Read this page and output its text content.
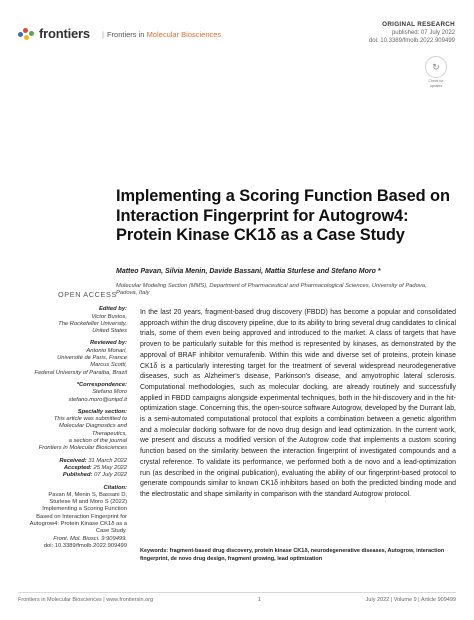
frontiers	| Frontiers in Molecular Biosciences
ORIGINAL RESEARCH
published: 07 July 2022
doi: 10.3389/fmolb.2022.909499
↻
Check for
updates
Implementing a Scoring Function Based on Interaction Fingerprint for Autogrow4: Protein Kinase CK1δ as a Case Study
Matteo Pavan, Silvia Menin, Davide Bassani, Mattia Sturlese and Stefano Moro *
Molecular Modeling Section (MMS), Department of Pharmaceutical and Pharmacological Sciences, University of Padova, Padova, Italy
OPEN ACCESS
Edited by:
Victor Bustos,
The Rockefeller University,
United States
Reviewed by:
Antonio Monari,
Université de Paris, France
Marcus Scotti,
Federal University of Paraiba, Brazil
*Correspondence:
Stefano Moro
stefano.moro@unipd.it
Specialty section:
This article was submitted to
Molecular Diagnostics and
Therapeutics,
a section of the journal
Frontiers in Molecular Biosciences
Received: 31 March 2022
Accepted: 25 May 2022
Published: 07 July 2022
Citation:
Pavan M, Menin S, Bassani D,
Sturlese M and Moro S (2022)
Implementing a Scoring Function
Based on Interaction Fingerprint for
Autogrow4: Protein Kinase CK1δ as a
Case Study.
Front. Mol. Biosci. 9:909499.
doi: 10.3389/fmolb.2022.909499
In the last 20 years, fragment-based drug discovery (FBDD) has become a popular and consolidated approach within the drug discovery pipeline, due to its ability to bring several drug candidates to clinical trials, some of them even being approved and introduced to the market. A class of targets that have proven to be particularly suitable for this method is represented by kinases, as demonstrated by the approval of BRAF inhibitor vemurafenib. Within this wide and diverse set of proteins, protein kinase CK1δ is a particularly interesting target for the treatment of several widespread neurodegenerative diseases, such as Alzheimer's disease, Parkinson's disease, and amyotrophic lateral sclerosis. Computational methodologies, such as molecular docking, are already routinely and successfully applied in FBDD campaigns alongside experimental techniques, both in the hit-discovery and in the hit-optimization stage. Concerning this, the open-source software Autogrow, developed by the Durrant lab, is a semi-automated computational protocol that exploits a combination between a genetic algorithm and a molecular docking software for de novo drug design and lead optimization. In the current work, we present and discuss a modified version of the Autogrow code that implements a custom scoring function based on the similarity between the interaction fingerprint of investigated compounds and a crystal reference. To validate its performance, we performed both a de novo and a lead-optimization run (as described in the original publication), evaluating the ability of our fingerprint-based protocol to generate compounds similar to known CK1δ inhibitors based on both the predicted binding mode and the electrostatic and shape similarity in comparison with the standard Autogrow protocol.
Keywords: fragment-based drug discovery, protein kinase CK1δ, neurodegenerative diseases, Autogrow, interaction fingerprint, de novo drug design, fragment growing, lead optimization
Frontiers in Molecular Biosciences | www.frontiersin.org	1	July 2022 | Volume 9 | Article 909499
